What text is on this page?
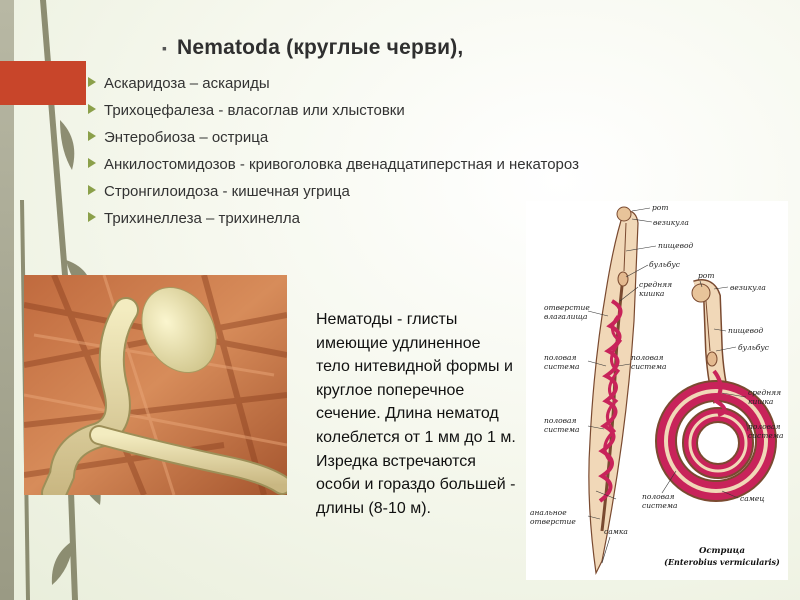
▪ Nematoda (круглые черви),
Аскаридоза – аскариды
Трихоцефалеза - власоглав или хлыстовки
Энтеробиоза – острица
Анкилостомидозов - кривоголовка двенадцатиперстная и некатороз
Стронгилоидоза - кишечная угрица
Трихинеллеза – трихинелла
Нематоды - глисты имеющие удлиненное тело нитевидной формы и круглое поперечное сечение. Длина нематод колеблется от 1 мм до 1 м. Изредка встречаются особи и гораздо большей - длины (8-10 м).
рот
везикула
пищевод
бульбус
средняя
кишка
отверстие
влагалища
половая
система
половая
система
половая
система
анальное
отверстие
самка
рот
везикула
пищевод
бульбус
средняя
кишка
половая
система
самец
половая
система
Острица
(Enterobius vermicularis)
